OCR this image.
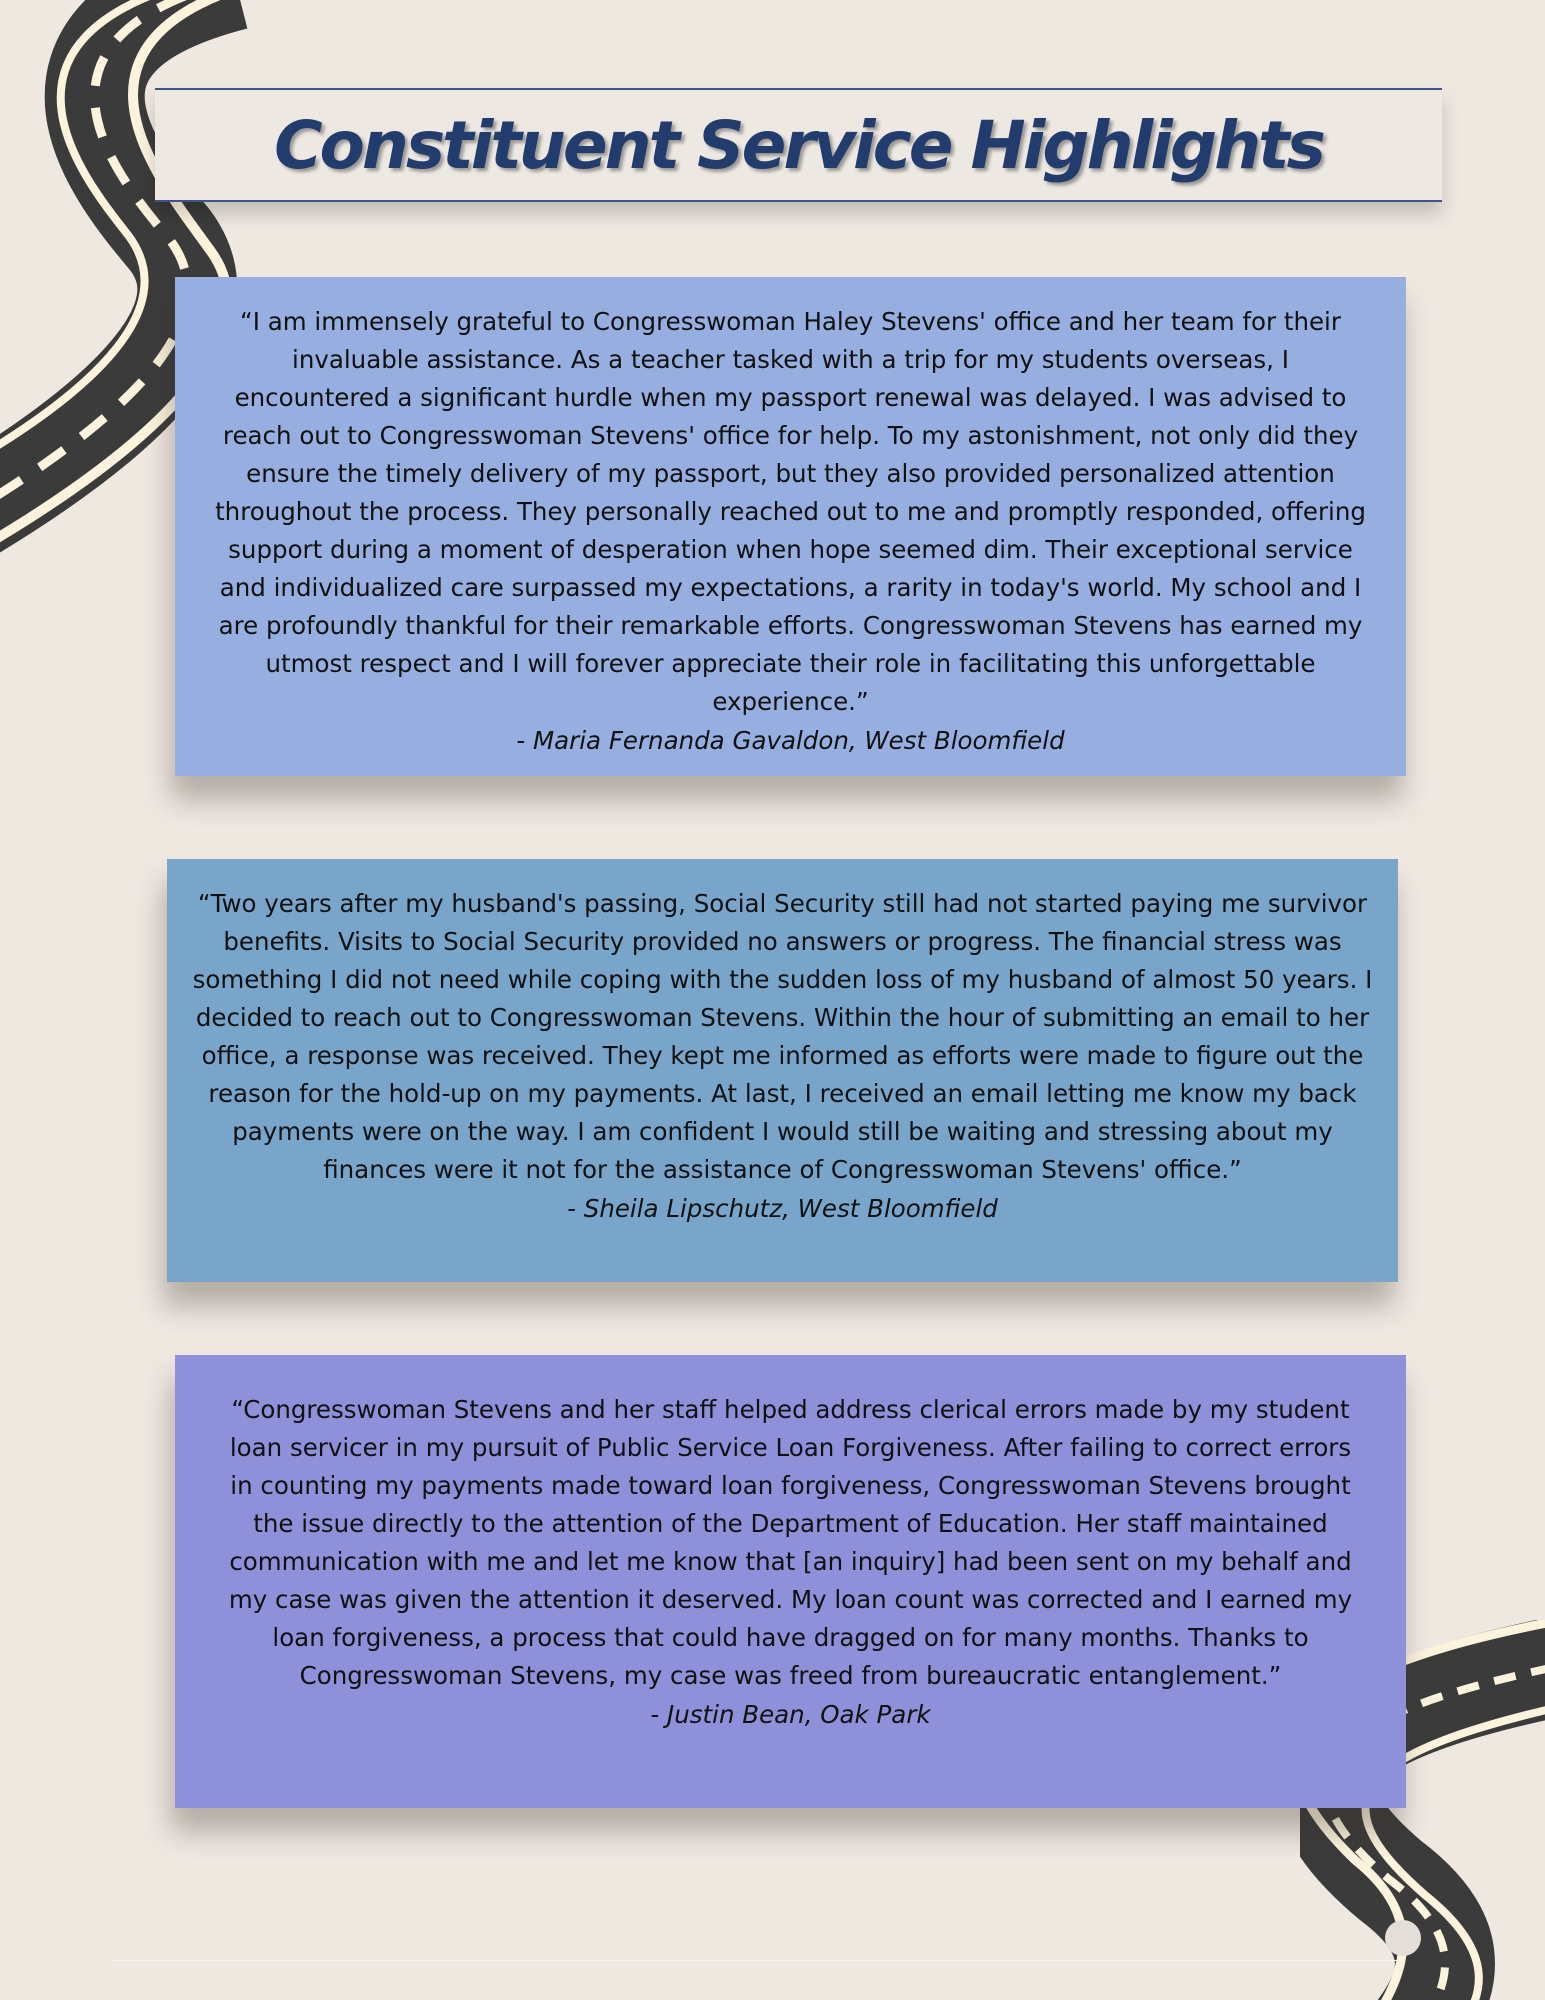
Constituent Service Highlights

“I am immensely grateful to Congresswoman Haley Stevens' office and her team for their invaluable assistance. As a teacher tasked with a trip for my students overseas, I encountered a significant hurdle when my passport renewal was delayed. I was advised to reach out to Congresswoman Stevens' office for help. To my astonishment, not only did they ensure the timely delivery of my passport, but they also provided personalized attention throughout the process. They personally reached out to me and promptly responded, offering support during a moment of desperation when hope seemed dim. Their exceptional service and individualized care surpassed my expectations, a rarity in today's world. My school and I are profoundly thankful for their remarkable efforts. Congresswoman Stevens has earned my utmost respect and I will forever appreciate their role in facilitating this unforgettable experience.”

- Maria Fernanda Gavaldon, West Bloomfield

“Two years after my husband's passing, Social Security still had not started paying me survivor benefits. Visits to Social Security provided no answers or progress. The financial stress was something I did not need while coping with the sudden loss of my husband of almost 50 years. I decided to reach out to Congresswoman Stevens. Within the hour of submitting an email to her office, a response was received. They kept me informed as efforts were made to figure out the reason for the hold-up on my payments. At last, I received an email letting me know my back payments were on the way. I am confident I would still be waiting and stressing about my finances were it not for the assistance of Congresswoman Stevens' office.”

- Sheila Lipschutz, West Bloomfield

“Congresswoman Stevens and her staff helped address clerical errors made by my student loan servicer in my pursuit of Public Service Loan Forgiveness. After failing to correct errors in counting my payments made toward loan forgiveness, Congresswoman Stevens brought the issue directly to the attention of the Department of Education. Her staff maintained communication with me and let me know that [an inquiry] had been sent on my behalf and my case was given the attention it deserved. My loan count was corrected and I earned my loan forgiveness, a process that could have dragged on for many months. Thanks to Congresswoman Stevens, my case was freed from bureaucratic entanglement.”

- Justin Bean, Oak Park
